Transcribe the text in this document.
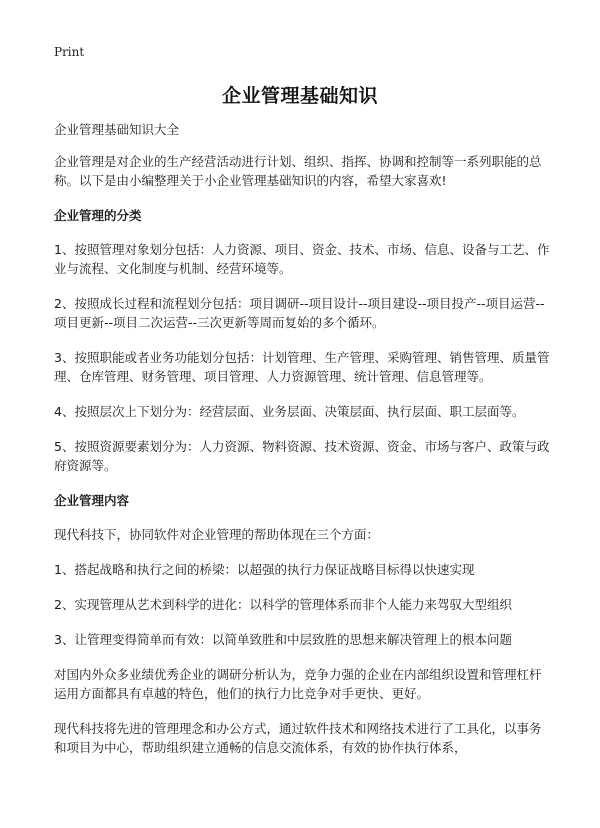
Print
企业管理基础知识

企业管理基础知识大全

企业管理是对企业的生产经营活动进行计划、组织、指挥、协调和控制等一系列职能的总称。以下是由小编整理关于小企业管理基础知识的内容，希望大家喜欢!

企业管理的分类

1、按照管理对象划分包括：人力资源、项目、资金、技术、市场、信息、设备与工艺、作业与流程、文化制度与机制、经营环境等。

2、按照成长过程和流程划分包括：项目调研--项目设计--项目建设--项目投产--项目运营--项目更新--项目二次运营--三次更新等周而复始的多个循环。

3、按照职能或者业务功能划分包括：计划管理、生产管理、采购管理、销售管理、质量管理、仓库管理、财务管理、项目管理、人力资源管理、统计管理、信息管理等。

4、按照层次上下划分为：经营层面、业务层面、决策层面、执行层面、职工层面等。

5、按照资源要素划分为：人力资源、物料资源、技术资源、资金、市场与客户、政策与政府资源等。

企业管理内容

现代科技下，协同软件对企业管理的帮助体现在三个方面：

1、搭起战略和执行之间的桥梁：以超强的执行力保证战略目标得以快速实现

2、实现管理从艺术到科学的进化：以科学的管理体系而非个人能力来驾驭大型组织

3、让管理变得简单而有效：以简单致胜和中层致胜的思想来解决管理上的根本问题

对国内外众多业绩优秀企业的调研分析认为，竞争力强的企业在内部组织设置和管理杠杆运用方面都具有卓越的特色，他们的执行力比竞争对手更快、更好。

现代科技将先进的管理理念和办公方式，通过软件技术和网络技术进行了工具化，以事务和项目为中心，帮助组织建立通畅的信息交流体系，有效的协作执行体系，
